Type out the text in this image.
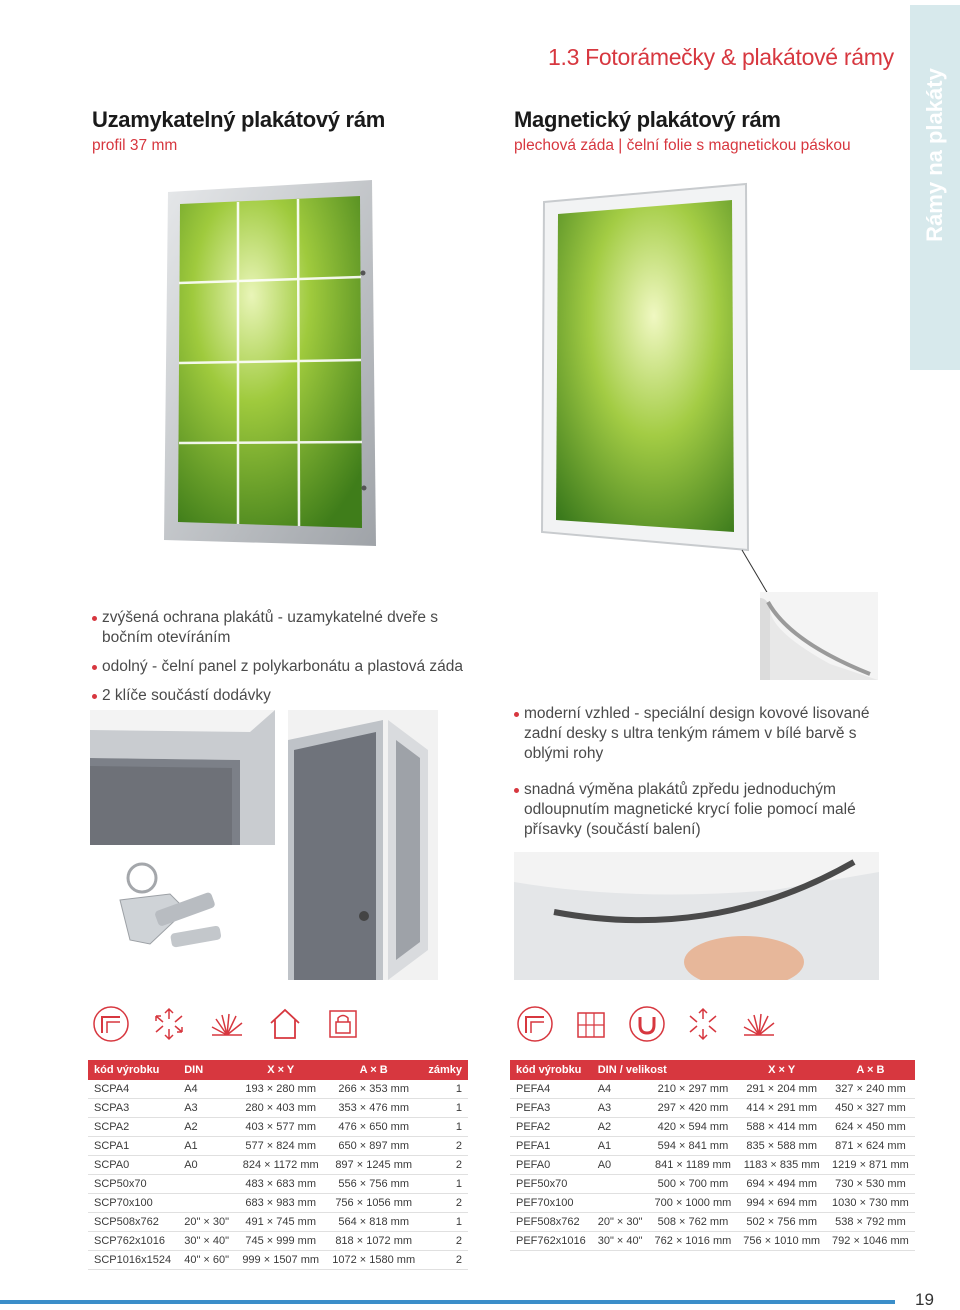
1.3 Fotorámečky & plakátové rámy
Rámy na plakáty
Uzamykatelný plakátový rám
profil 37 mm
Magnetický plakátový rám
plechová záda | čelní folie s magnetickou páskou
zvýšená ochrana plakátů - uzamykatelné dveře s bočním otevíráním
odolný - čelní panel z polykarbonátu a plastová záda
2 klíče součástí dodávky
moderní vzhled - speciální design kovové lisované zadní desky s ultra tenkým rámem v bílé barvě s oblými rohy
snadná výměna plakátů zpředu jednoduchým odloupnutím magnetické krycí folie pomocí malé přísavky (součástí balení)
kód výrobku	DIN	X × Y	A × B	zámky
SCPA4	A4	193 × 280 mm	266 × 353 mm	1
SCPA3	A3	280 × 403 mm	353 × 476 mm	1
SCPA2	A2	403 × 577 mm	476 × 650 mm	1
SCPA1	A1	577 × 824 mm	650 × 897 mm	2
SCPA0	A0	824 × 1172 mm	897 × 1245 mm	2
SCP50x70		483 × 683 mm	556 × 756 mm	1
SCP70x100		683 × 983 mm	756 × 1056 mm	2
SCP508x762	20" × 30"	491 × 745 mm	564 × 818 mm	1
SCP762x1016	30" × 40"	745 × 999 mm	818 × 1072 mm	2
SCP1016x1524	40" × 60"	999 × 1507 mm	1072 × 1580 mm	2
kód výrobku	DIN / velikost		X × Y	A × B
PEFA4	A4	210 × 297 mm	291 × 204 mm	327 × 240 mm
PEFA3	A3	297 × 420 mm	414 × 291 mm	450 × 327 mm
PEFA2	A2	420 × 594 mm	588 × 414 mm	624 × 450 mm
PEFA1	A1	594 × 841 mm	835 × 588 mm	871 × 624 mm
PEFA0	A0	841 × 1189 mm	1183 × 835 mm	1219 × 871 mm
PEF50x70		500 × 700 mm	694 × 494 mm	730 × 530 mm
PEF70x100		700 × 1000 mm	994 × 694 mm	1030 × 730 mm
PEF508x762	20" × 30"	508 × 762 mm	502 × 756 mm	538 × 792 mm
PEF762x1016	30" × 40"	762 × 1016 mm	756 × 1010 mm	792 × 1046 mm
19
